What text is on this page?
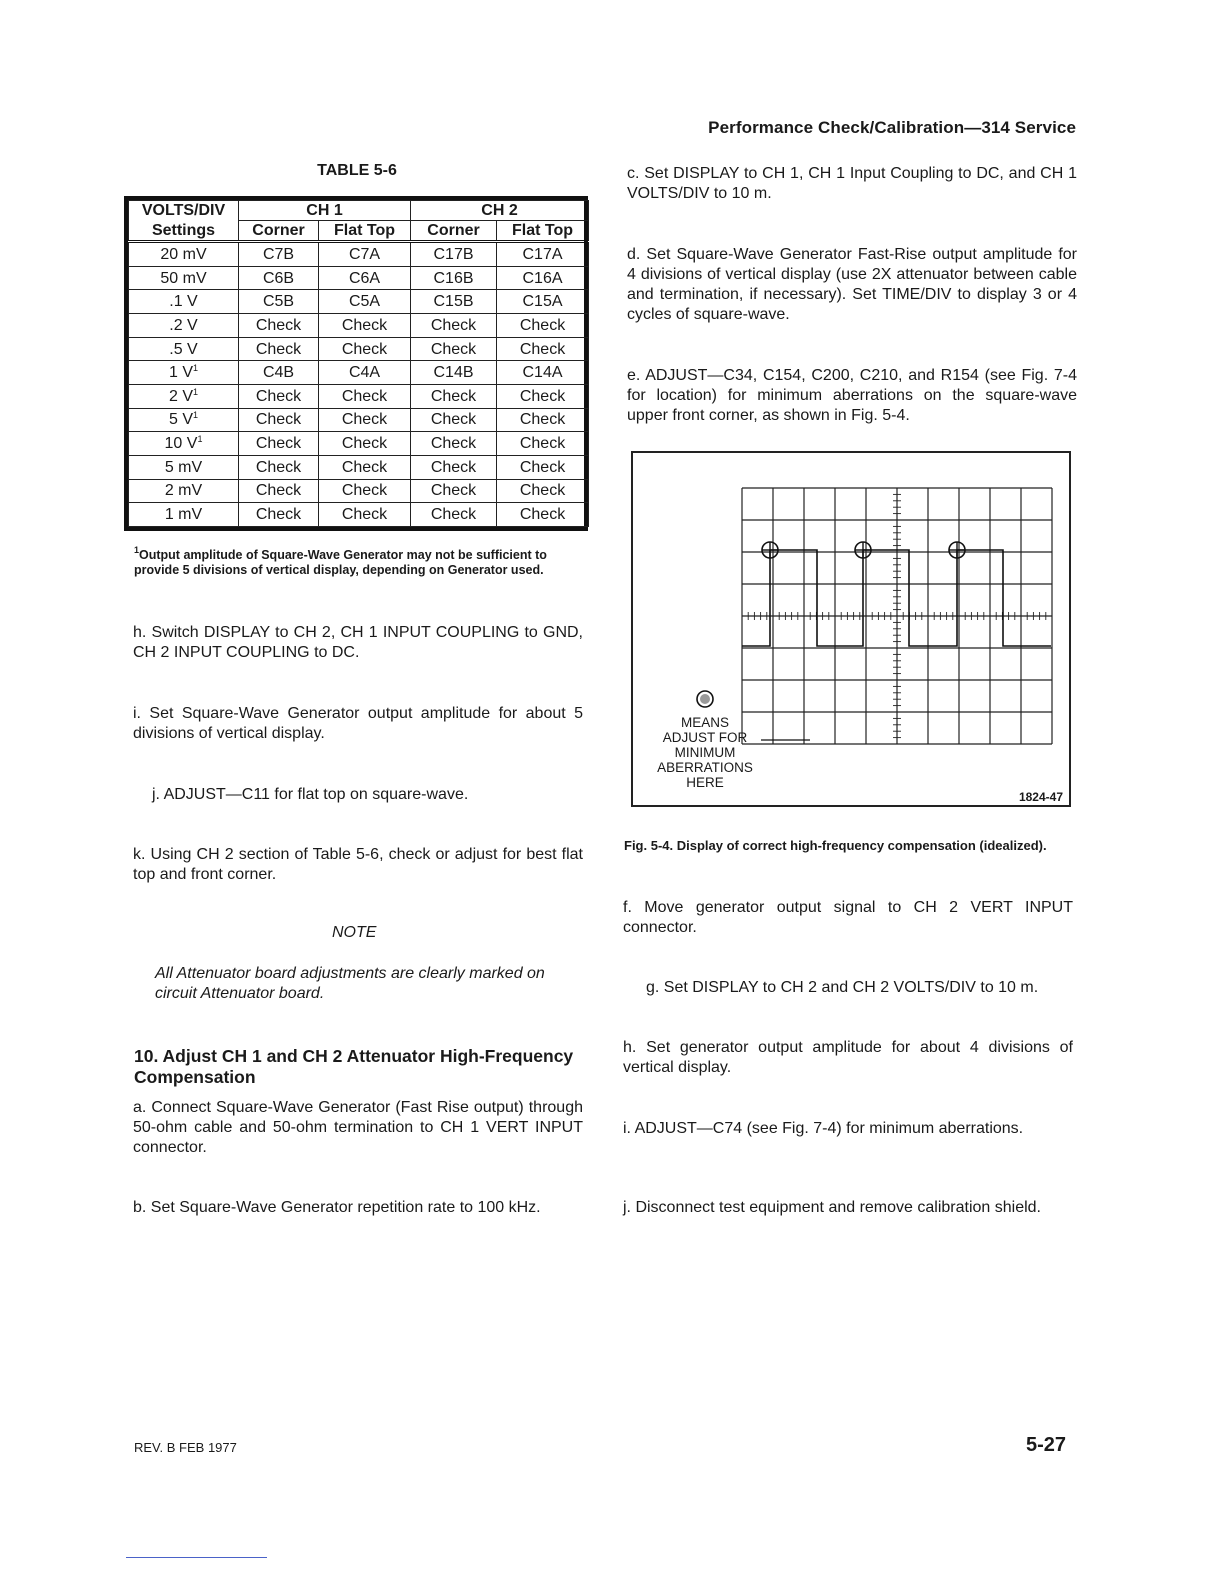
Performance Check/Calibration—314 Service
TABLE 5-6
VOLTS/DIV	CH 1		CH 2	
Settings	Corner	Flat Top	Corner	Flat Top
20 mV	C7B	C7A	C17B	C17A
50 mV	C6B	C6A	C16B	C16A
.1 V	C5B	C5A	C15B	C15A
.2 V	Check	Check	Check	Check
.5 V	Check	Check	Check	Check
1 $V^1$	C4B	C4A	C14B	C14A
2 $V^1$	Check	Check	Check	Check
5 $V^1$	Check	Check	Check	Check
10 $V^1$	Check	Check	Check	Check
5 mV	Check	Check	Check	Check
2 mV	Check	Check	Check	Check
1 mV	Check	Check	Check	Check
$^1$Output amplitude of Square-Wave Generator may not be sufficient to provide 5 divisions of vertical display, depending on Generator used.
h. Switch DISPLAY to CH 2, CH 1 INPUT COUPLING to GND, CH 2 INPUT COUPLING to DC.
i. Set Square-Wave Generator output amplitude for about 5 divisions of vertical display.
j. ADJUST—C11 for flat top on square-wave.
k. Using CH 2 section of Table 5-6, check or adjust for best flat top and front corner.
NOTE
All Attenuator board adjustments are clearly marked on circuit Attenuator board.
10. Adjust CH 1 and CH 2 Attenuator High-Frequency Compensation
a. Connect Square-Wave Generator (Fast Rise output) through 50-ohm cable and 50-ohm termination to CH 1 VERT INPUT connector.
b. Set Square-Wave Generator repetition rate to 100 kHz.
c. Set DISPLAY to CH 1, CH 1 Input Coupling to DC, and CH 1 VOLTS/DIV to 10 m.
d. Set Square-Wave Generator Fast-Rise output amplitude for 4 divisions of vertical display (use 2X attenuator between cable and termination, if necessary). Set TIME/DIV to display 3 or 4 cycles of square-wave.
e. ADJUST—C34, C154, C200, C210, and R154 (see Fig. 7-4 for location) for minimum aberrations on the square-wave upper front corner, as shown in Fig. 5-4.
MEANS
ADJUST FOR
MINIMUM
ABERRATIONS
HERE
1824-47
Fig. 5-4. Display of correct high-frequency compensation (idealized).
f. Move generator output signal to CH 2 VERT INPUT connector.
g. Set DISPLAY to CH 2 and CH 2 VOLTS/DIV to 10 m.
h. Set generator output amplitude for about 4 divisions of vertical display.
i. ADJUST—C74 (see Fig. 7-4) for minimum aberrations.
j. Disconnect test equipment and remove calibration shield.
REV. B FEB 1977	5-27
